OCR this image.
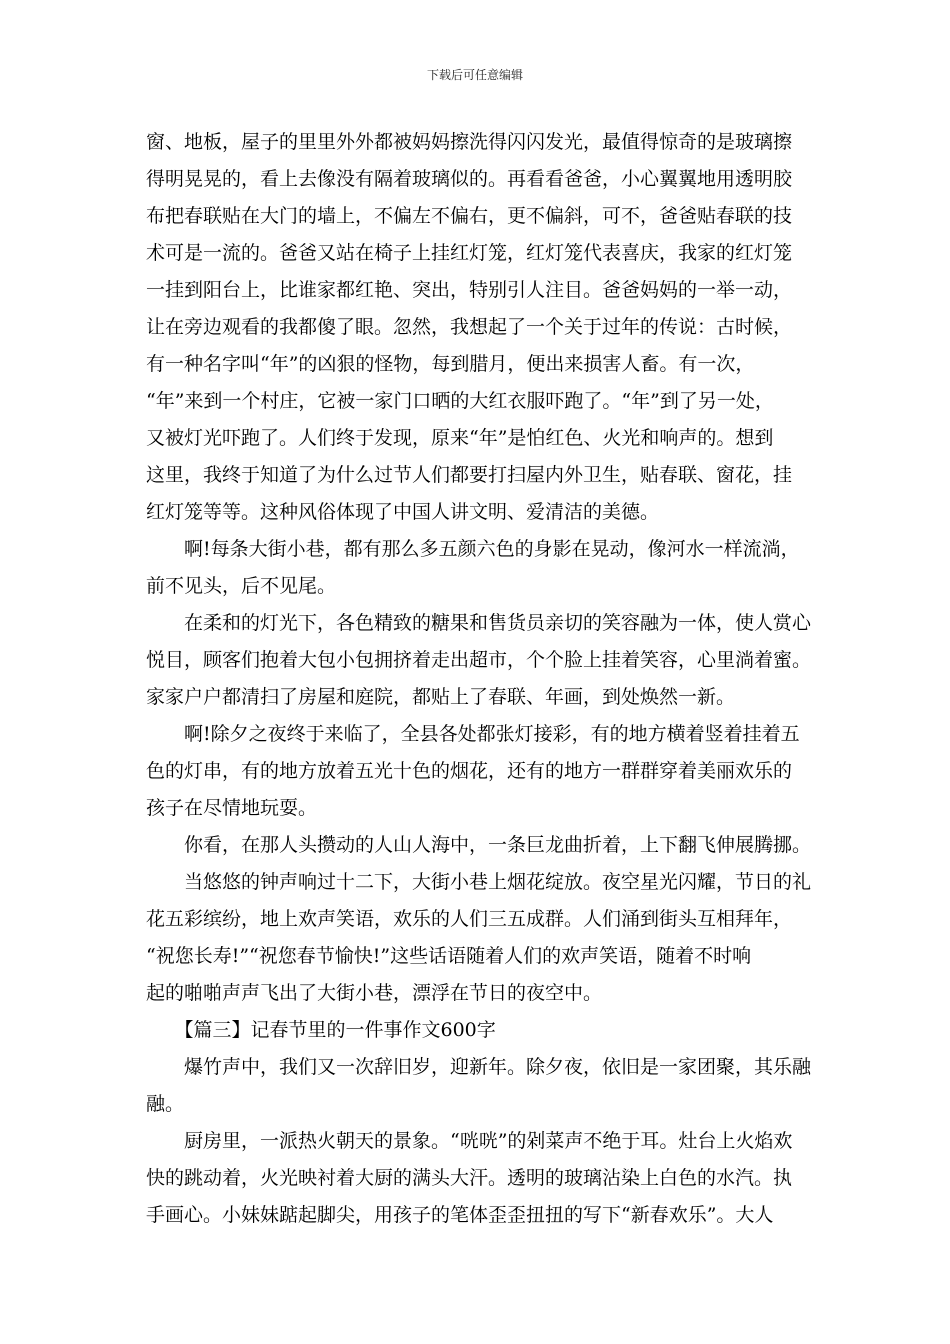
下载后可任意编辑
窗、地板，屋子的里里外外都被妈妈擦洗得闪闪发光，最值得惊奇的是玻璃擦
得明晃晃的，看上去像没有隔着玻璃似的。再看看爸爸，小心翼翼地用透明胶
布把春联贴在大门的墙上，不偏左不偏右，更不偏斜，可不，爸爸贴春联的技
术可是一流的。爸爸又站在椅子上挂红灯笼，红灯笼代表喜庆，我家的红灯笼
一挂到阳台上，比谁家都红艳、突出，特别引人注目。爸爸妈妈的一举一动，
让在旁边观看的我都傻了眼。忽然，我想起了一个关于过年的传说：古时候，
有一种名字叫“年”的凶狠的怪物，每到腊月，便出来损害人畜。有一次，
“年”来到一个村庄，它被一家门口晒的大红衣服吓跑了。“年”到了另一处，
又被灯光吓跑了。人们终于发现，原来“年”是怕红色、火光和响声的。想到
这里，我终于知道了为什么过节人们都要打扫屋内外卫生，贴春联、窗花，挂
红灯笼等等。这种风俗体现了中国人讲文明、爱清洁的美德。
　　啊!每条大街小巷，都有那么多五颜六色的身影在晃动，像河水一样流淌，
前不见头，后不见尾。
　　在柔和的灯光下，各色精致的糖果和售货员亲切的笑容融为一体，使人赏心
悦目，顾客们抱着大包小包拥挤着走出超市，个个脸上挂着笑容，心里淌着蜜。
家家户户都清扫了房屋和庭院，都贴上了春联、年画，到处焕然一新。
　　啊!除夕之夜终于来临了，全县各处都张灯接彩，有的地方横着竖着挂着五
色的灯串，有的地方放着五光十色的烟花，还有的地方一群群穿着美丽欢乐的
孩子在尽情地玩耍。
　　你看，在那人头攒动的人山人海中，一条巨龙曲折着，上下翻飞伸展腾挪。
　　当悠悠的钟声响过十二下，大街小巷上烟花绽放。夜空星光闪耀，节日的礼
花五彩缤纷，地上欢声笑语，欢乐的人们三五成群。人们涌到街头互相拜年，
“祝您长寿!”“祝您春节愉快!”这些话语随着人们的欢声笑语，随着不时响
起的啪啪声声飞出了大街小巷，漂浮在节日的夜空中。
　　【篇三】记春节里的一件事作文600字
　　爆竹声中，我们又一次辞旧岁，迎新年。除夕夜，依旧是一家团聚，其乐融
融。
　　厨房里，一派热火朝天的景象。“咣咣”的剁菜声不绝于耳。灶台上火焰欢
快的跳动着，火光映衬着大厨的满头大汗。透明的玻璃沾染上白色的水汽。执
手画心。小妹妹踮起脚尖，用孩子的笔体歪歪扭扭的写下“新春欢乐”。大人
